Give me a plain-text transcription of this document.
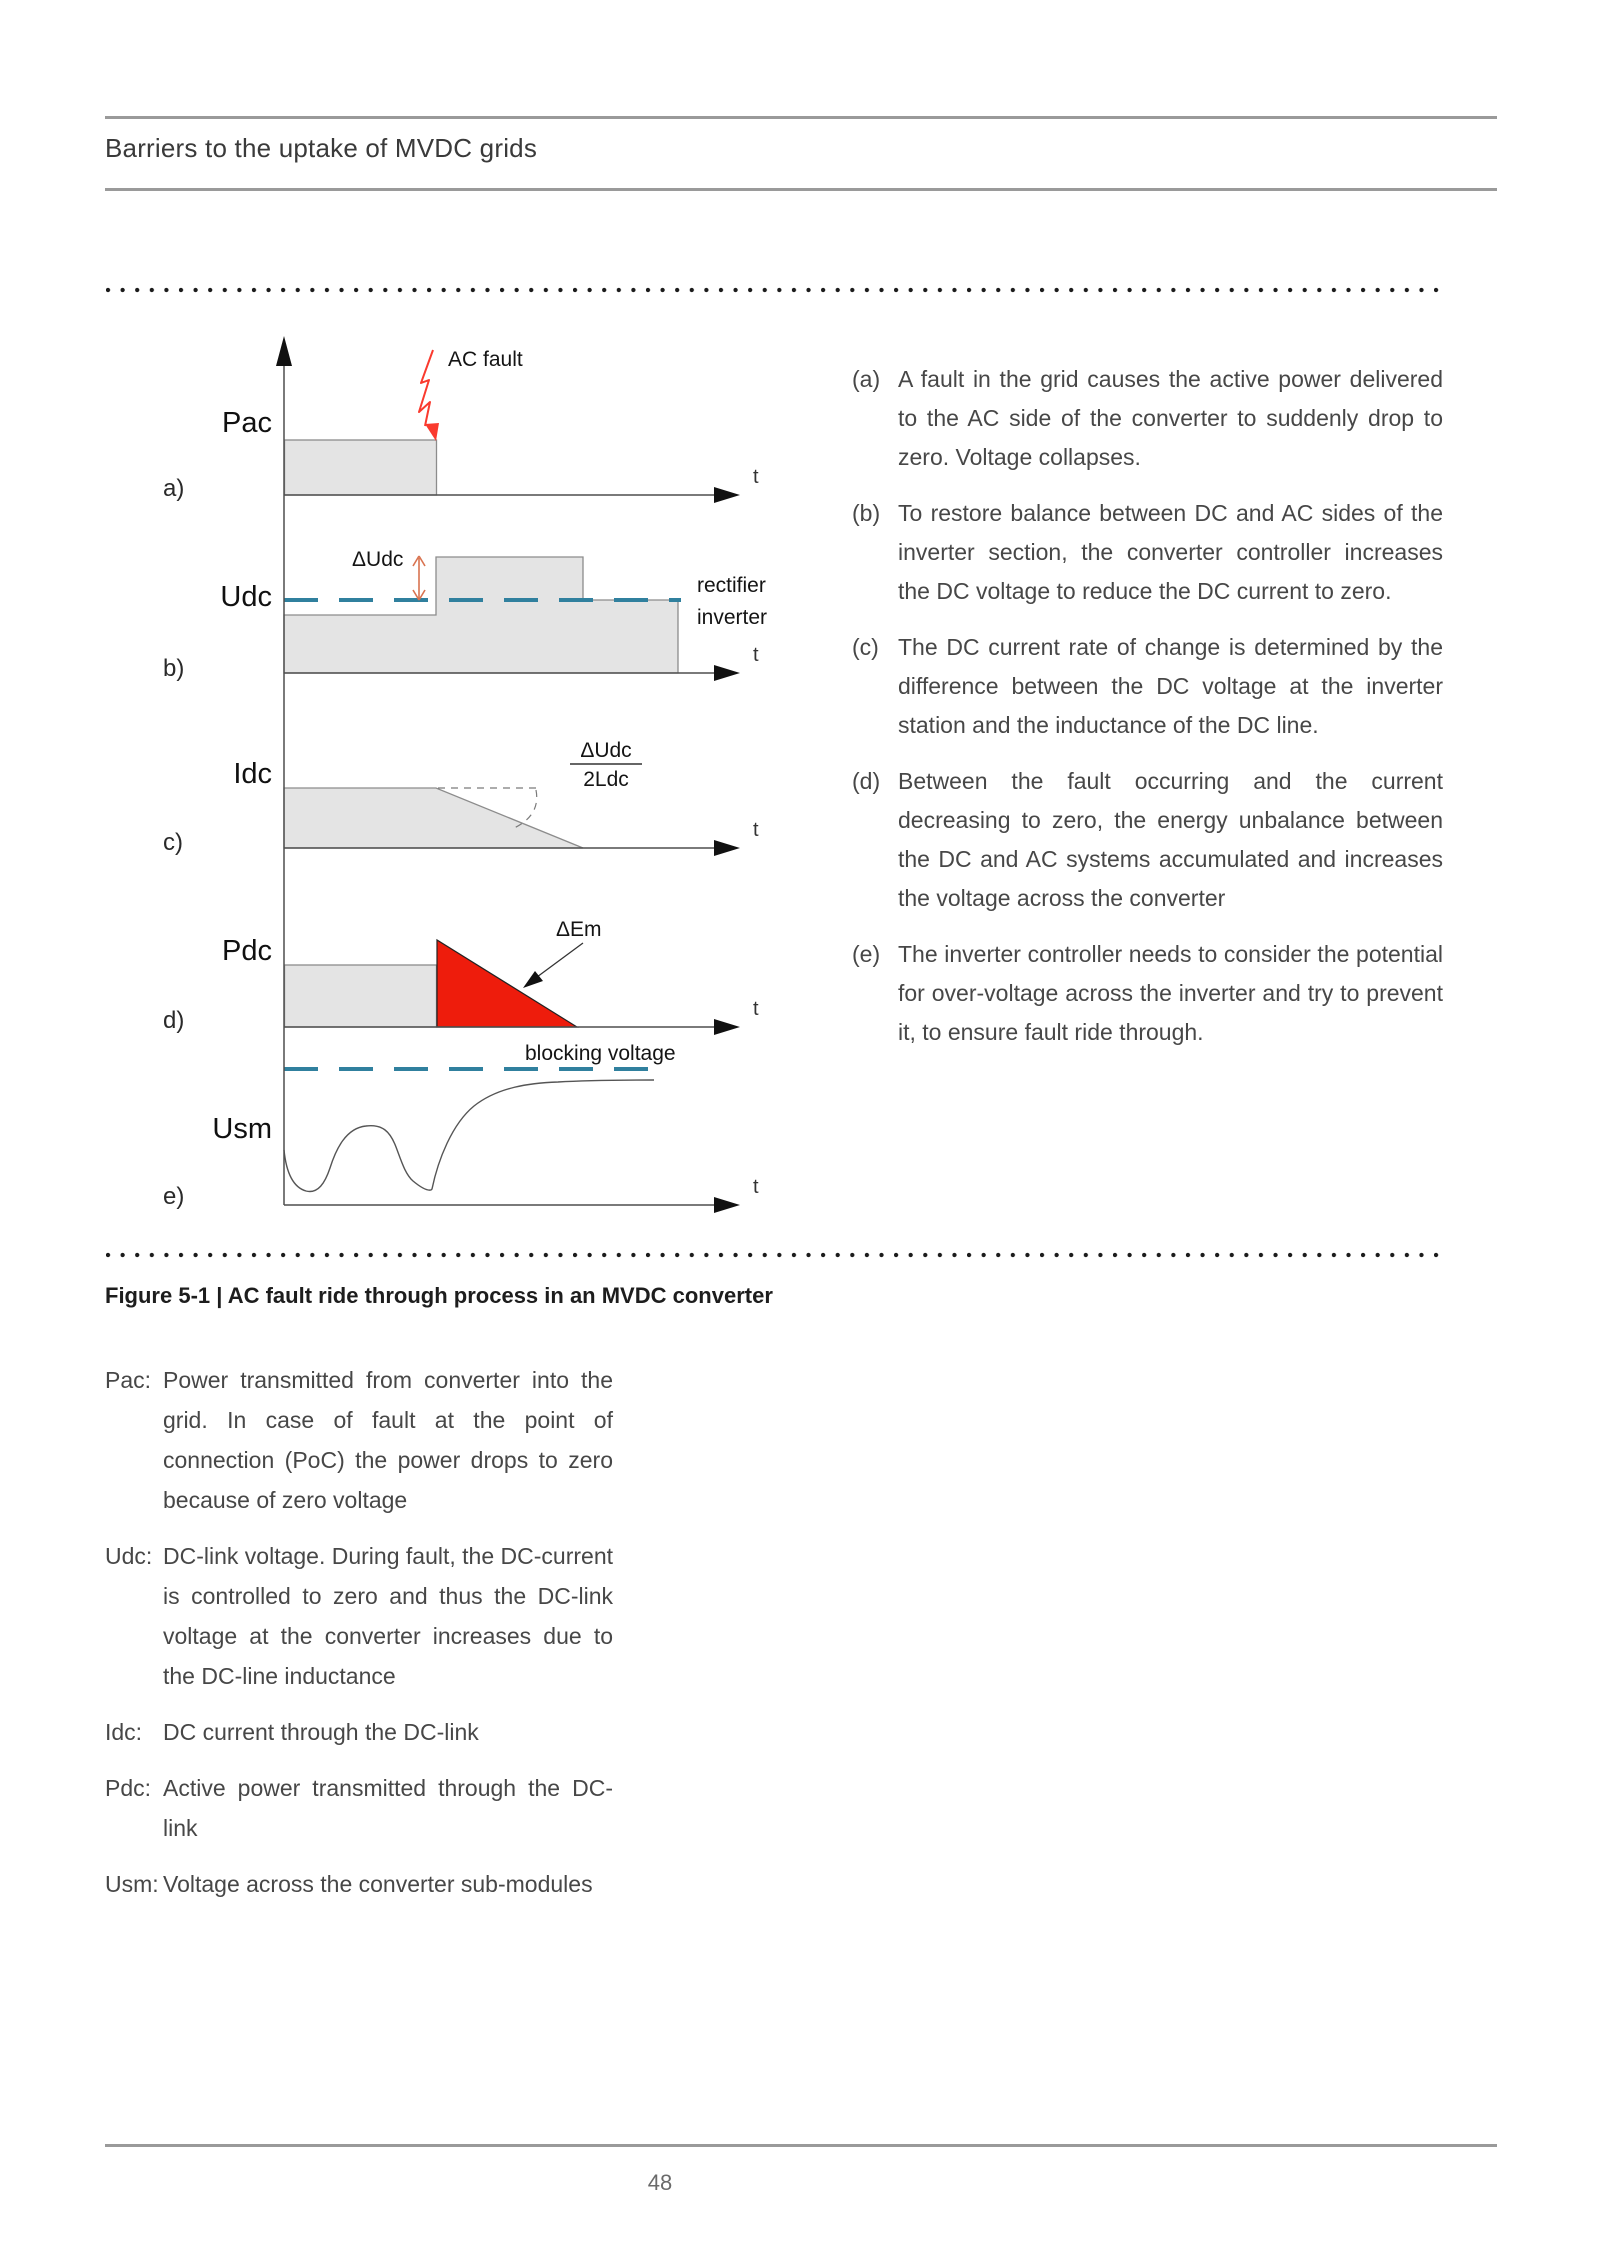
Barriers to the uptake of MVDC grids
AC fault
Pac
a)	t
ΔUdc
rectifier
inverter
Udc
b)	t
ΔUdc
2Ldc
Idc
c)	t
ΔEm
Pdc
d)	t
blocking voltage
Usm
e)	t
(a) A fault in the grid causes the active power delivered to the AC side of the converter to suddenly drop to zero. Voltage collapses.
(b) To restore balance between DC and AC sides of the inverter section, the converter controller increases the DC voltage to reduce the DC current to zero.
(c) The DC current rate of change is determined by the difference between the DC voltage at the inverter station and the inductance of the DC line.
(d) Between the fault occurring and the current decreasing to zero, the energy unbalance between the DC and AC systems accumulated and increases the voltage across the converter
(e) The inverter controller needs to consider the potential for over-voltage across the inverter and try to prevent it, to ensure fault ride through.
Figure 5-1 | AC fault ride through process in an MVDC converter
Pac: Power transmitted from converter into the grid. In case of fault at the point of connection (PoC) the power drops to zero because of zero voltage
Udc: DC-link voltage. During fault, the DC-current is controlled to zero and thus the DC-link voltage at the converter increases due to the DC-line inductance
Idc: DC current through the DC-link
Pdc: Active power transmitted through the DC-link
Usm: Voltage across the converter sub-modules
48
